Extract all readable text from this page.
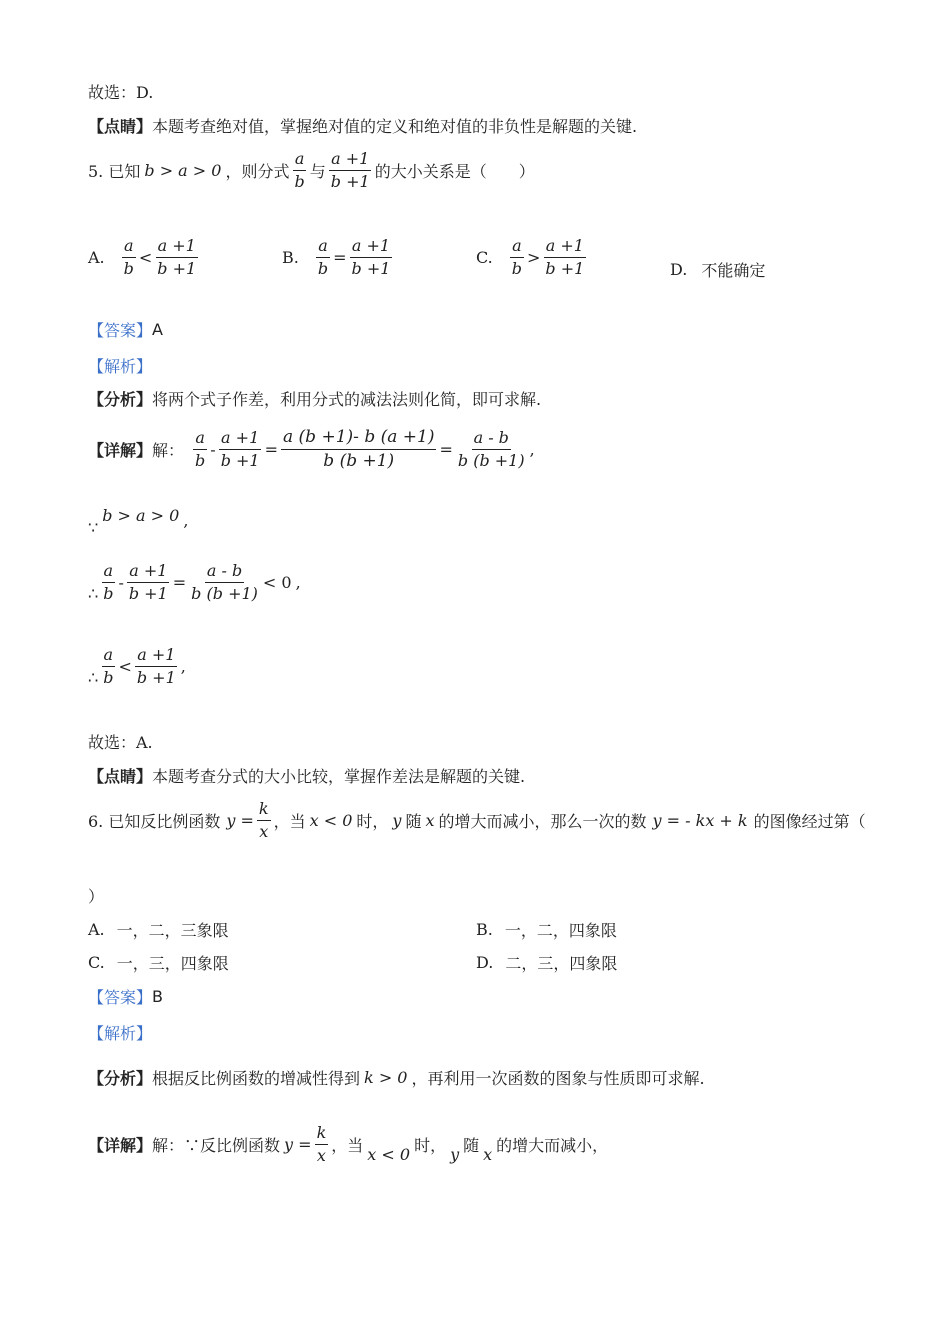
故选：D.
【点睛】 本题考查绝对值，掌握绝对值的定义和绝对值的非负性是解题的关键.
5. 已知 b > a > 0 ，则分式 $\frac{a}{b}$ 与 $\frac{a +1}{b +1}$ 的大小关系是（　　）
A. $\frac{a}{b} < \frac{a +1}{b +1}$	B. $\frac{a}{b} = \frac{a +1}{b +1}$	C. $\frac{a}{b} > \frac{a +1}{b +1}$	D. 不能确定
【答案】 A
【解析】
【分析】 将两个式子作差，利用分式的减法法则化简，即可求解.
【详解】 解： $\frac{a}{b} - \frac{a +1}{b +1} = \frac{a (b +1)- b (a +1)}{b (b +1)} = \frac{a - b}{b (b +1)}$ ,
∵
b > a > 0 ,
∴ $\frac{a}{b} - \frac{a +1}{b +1} = \frac{a - b}{b (b +1)} < 0$ ,
∴ $\frac{a}{b} < \frac{a +1}{b +1}$ ,
故选：A.
【点睛】 本题考查分式的大小比较，掌握作差法是解题的关键.
6. 已知反比例函数 $y = \frac{k}{x}$ ，当 x < 0 时， y 随 x 的增大而减小，那么一次的数 y = - kx + k 的图像经过第（
）
A. 一，二，三象限	B. 一，二，四象限
C. 一，三，四象限	D. 二，三，四象限
【答案】 B
【解析】
【分析】 根据反比例函数的增减性得到 k > 0 ，再利用一次函数的图象与性质即可求解.
【详解】 解：∵反比例函数 $y = \frac{k}{x}$ ，当 x < 0 时， y 随 x 的增大而减小，
